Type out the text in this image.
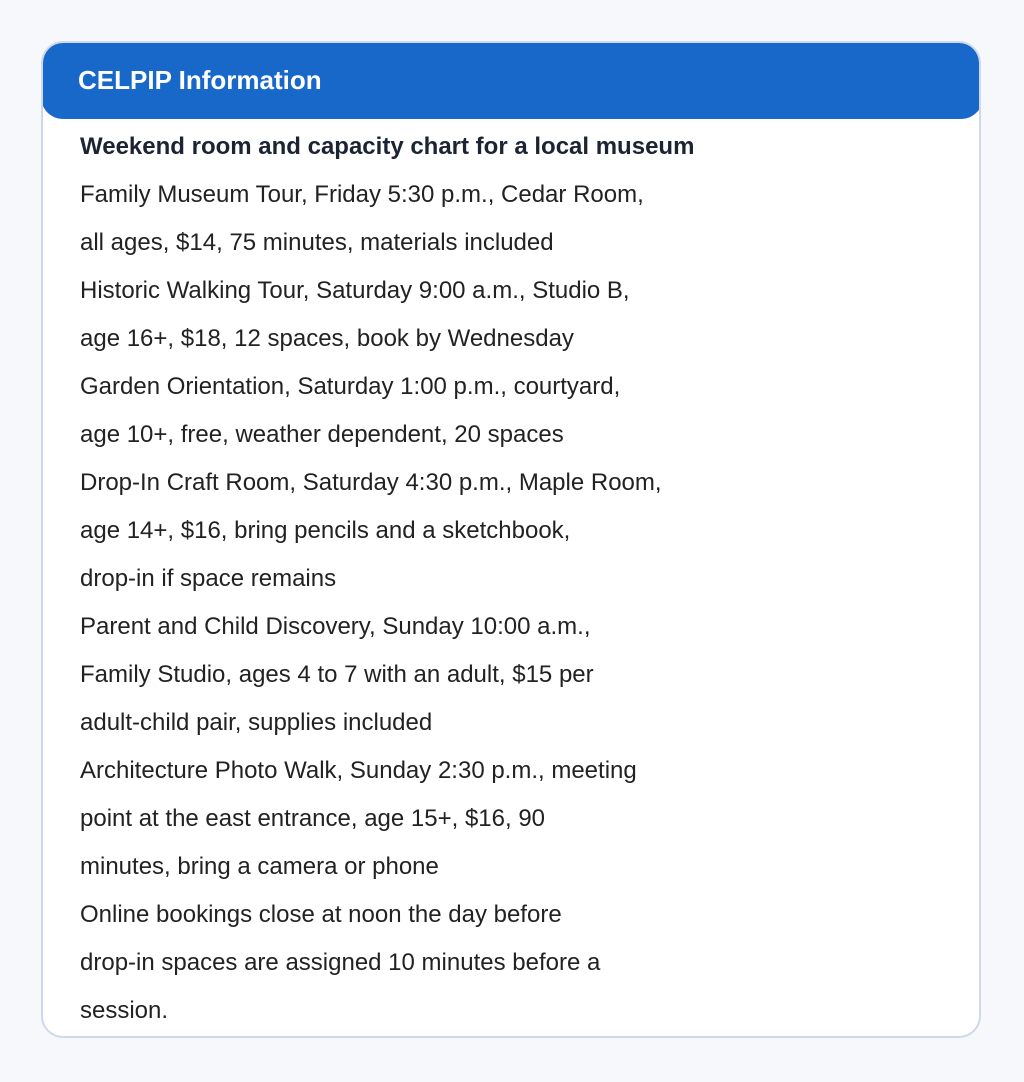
CELPIP Information
Weekend room and capacity chart for a local museum
Family Museum Tour, Friday 5:30 p.m., Cedar Room,
all ages, $14, 75 minutes, materials included
Historic Walking Tour, Saturday 9:00 a.m., Studio B,
age 16+, $18, 12 spaces, book by Wednesday
Garden Orientation, Saturday 1:00 p.m., courtyard,
age 10+, free, weather dependent, 20 spaces
Drop-In Craft Room, Saturday 4:30 p.m., Maple Room,
age 14+, $16, bring pencils and a sketchbook,
drop-in if space remains
Parent and Child Discovery, Sunday 10:00 a.m.,
Family Studio, ages 4 to 7 with an adult, $15 per
adult-child pair, supplies included
Architecture Photo Walk, Sunday 2:30 p.m., meeting
point at the east entrance, age 15+, $16, 90
minutes, bring a camera or phone
Online bookings close at noon the day before
drop-in spaces are assigned 10 minutes before a
session.
